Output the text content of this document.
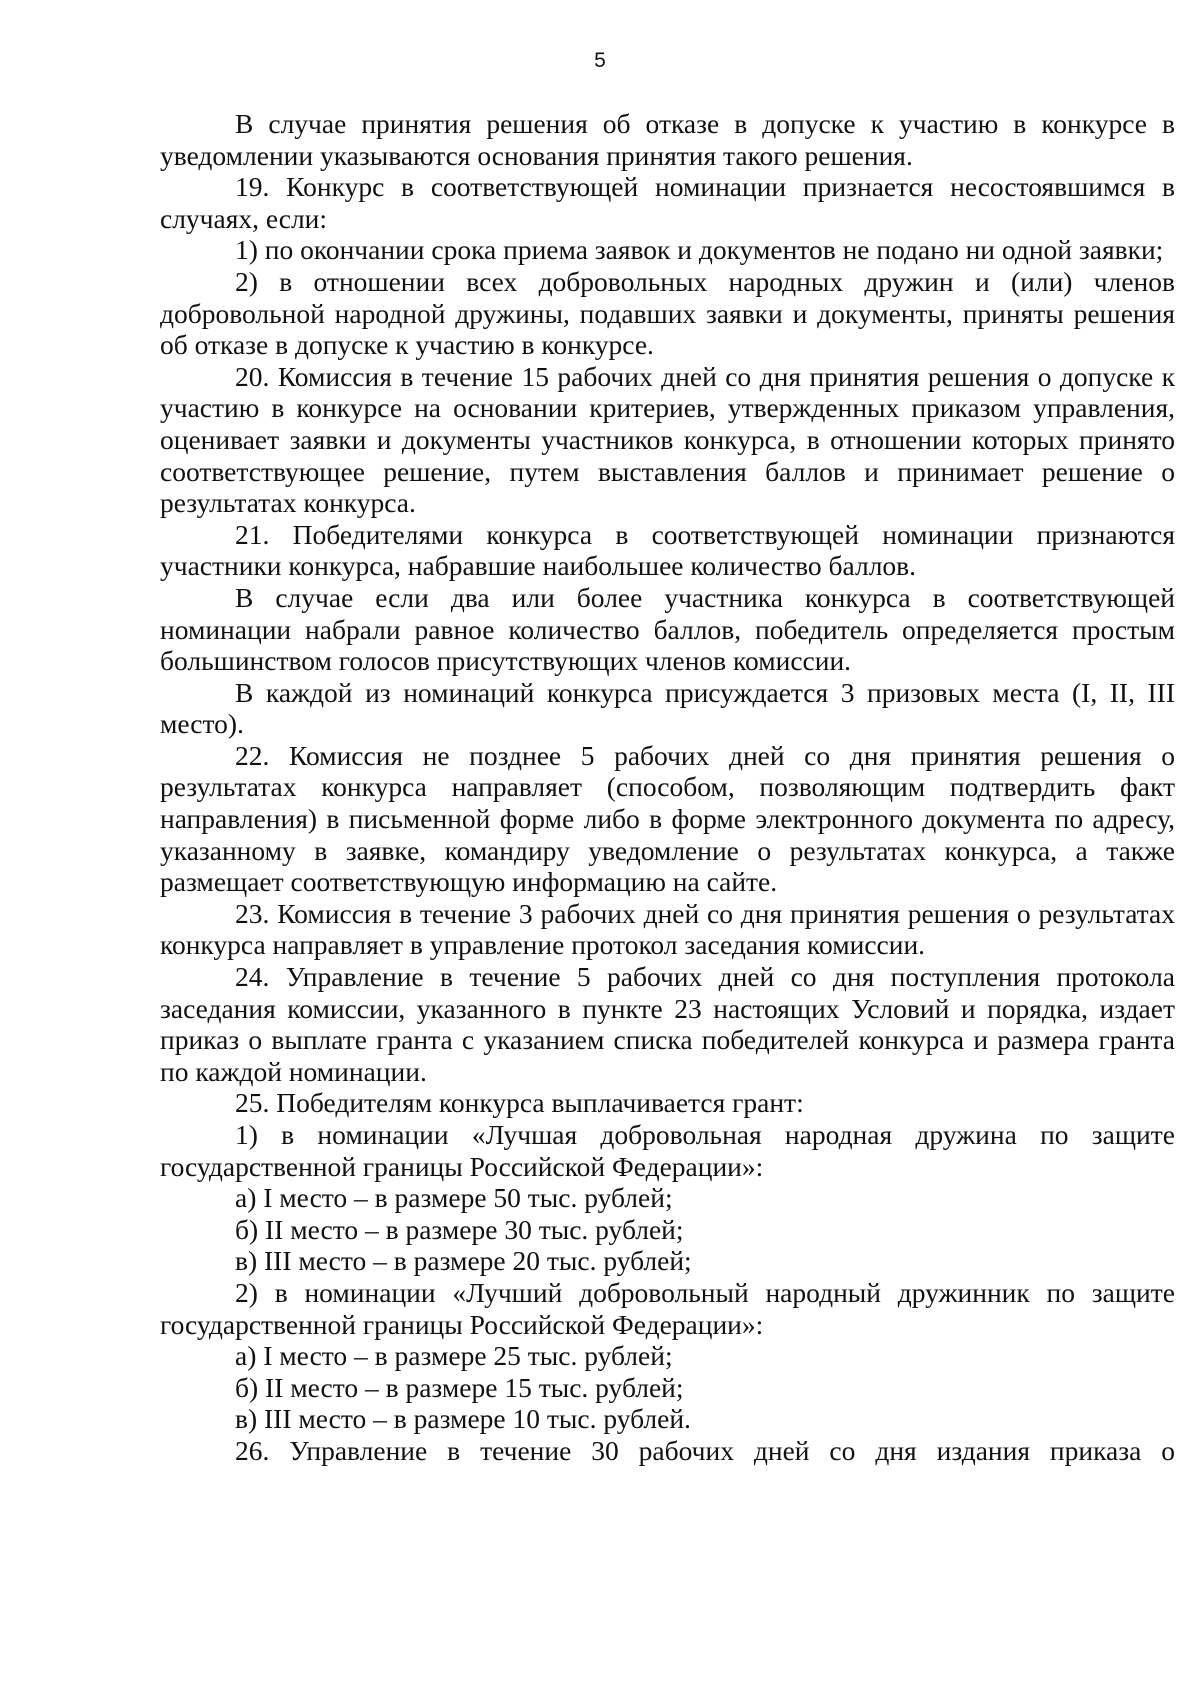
5

В случае принятия решения об отказе в допуске к участию в конкурсе в уведомлении указываются основания принятия такого решения.

19. Конкурс в соответствующей номинации признается несостоявшимся в случаях, если:

1) по окончании срока приема заявок и документов не подано ни одной заявки;

2) в отношении всех добровольных народных дружин и (или) членов добровольной народной дружины, подавших заявки и документы, приняты решения об отказе в допуске к участию в конкурсе.

20. Комиссия в течение 15 рабочих дней со дня принятия решения о допуске к участию в конкурсе на основании критериев, утвержденных приказом управления, оценивает заявки и документы участников конкурса, в отношении которых принято соответствующее решение, путем выставления баллов и принимает решение о результатах конкурса.

21. Победителями конкурса в соответствующей номинации признаются участники конкурса, набравшие наибольшее количество баллов.

В случае если два или более участника конкурса в соответствующей номинации набрали равное количество баллов, победитель определяется простым большинством голосов присутствующих членов комиссии.

В каждой из номинаций конкурса присуждается 3 призовых места (I, II, III место).

22. Комиссия не позднее 5 рабочих дней со дня принятия решения о результатах конкурса направляет (способом, позволяющим подтвердить факт направления) в письменной форме либо в форме электронного документа по адресу, указанному в заявке, командиру уведомление о результатах конкурса, а также размещает соответствующую информацию на сайте.

23. Комиссия в течение 3 рабочих дней со дня принятия решения о результатах конкурса направляет в управление протокол заседания комиссии.

24. Управление в течение 5 рабочих дней со дня поступления протокола заседания комиссии, указанного в пункте 23 настоящих Условий и порядка, издает приказ о выплате гранта с указанием списка победителей конкурса и размера гранта по каждой номинации.

25. Победителям конкурса выплачивается грант:

1) в номинации «Лучшая добровольная народная дружина по защите государственной границы Российской Федерации»:

а) I место – в размере 50 тыс. рублей;

б) II место – в размере 30 тыс. рублей;

в) III место – в размере 20 тыс. рублей;

2) в номинации «Лучший добровольный народный дружинник по защите государственной границы Российской Федерации»:

а) I место – в размере 25 тыс. рублей;

б) II место – в размере 15 тыс. рублей;

в) III место – в размере 10 тыс. рублей.

26. Управление в течение 30 рабочих дней со дня издания приказа о
